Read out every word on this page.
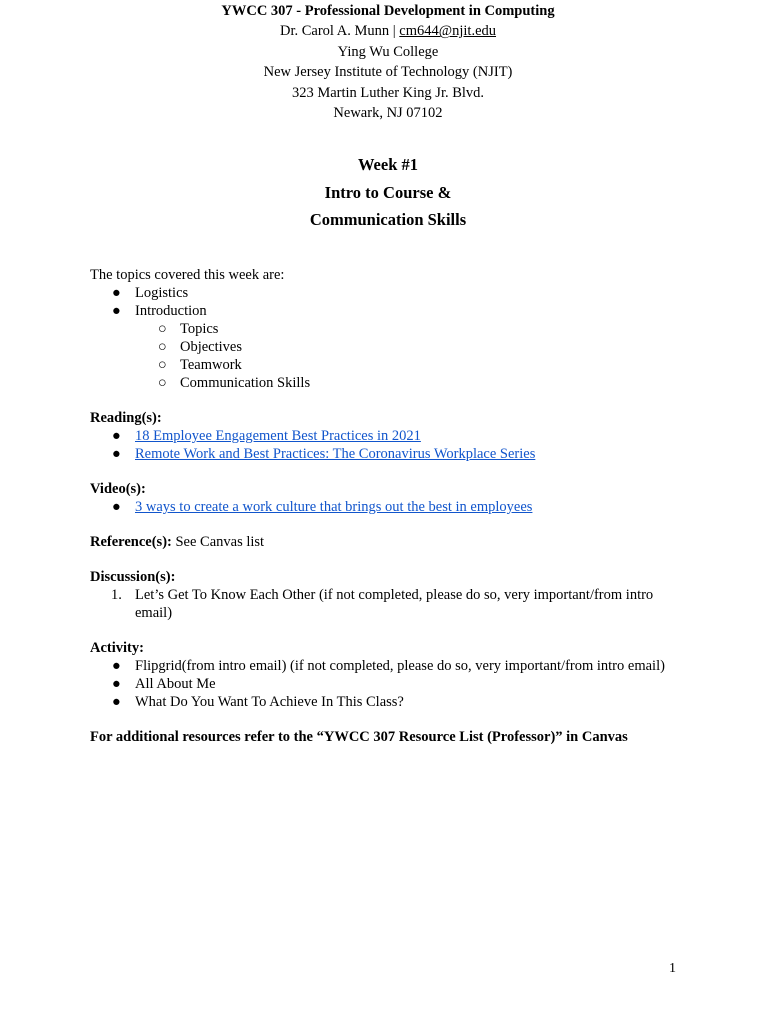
YWCC 307 - Professional Development in Computing
Dr. Carol A. Munn | cm644@njit.edu
Ying Wu College
New Jersey Institute of Technology (NJIT)
323 Martin Luther King Jr. Blvd.
Newark, NJ 07102
Week #1
Intro to Course &
Communication Skills
The topics covered this week are:
● Logistics
● Introduction
○ Topics
○ Objectives
○ Teamwork
○ Communication Skills
Reading(s):
● 18 Employee Engagement Best Practices in 2021
● Remote Work and Best Practices: The Coronavirus Workplace Series
Video(s):
● 3 ways to create a work culture that brings out the best in employees
Reference(s): See Canvas list
Discussion(s):
1. Let’s Get To Know Each Other (if not completed, please do so, very important/from intro email)
Activity:
● Flipgrid(from intro email) (if not completed, please do so, very important/from intro email)
● All About Me
● What Do You Want To Achieve In This Class?
For additional resources refer to the “YWCC 307 Resource List (Professor)” in Canvas
1
